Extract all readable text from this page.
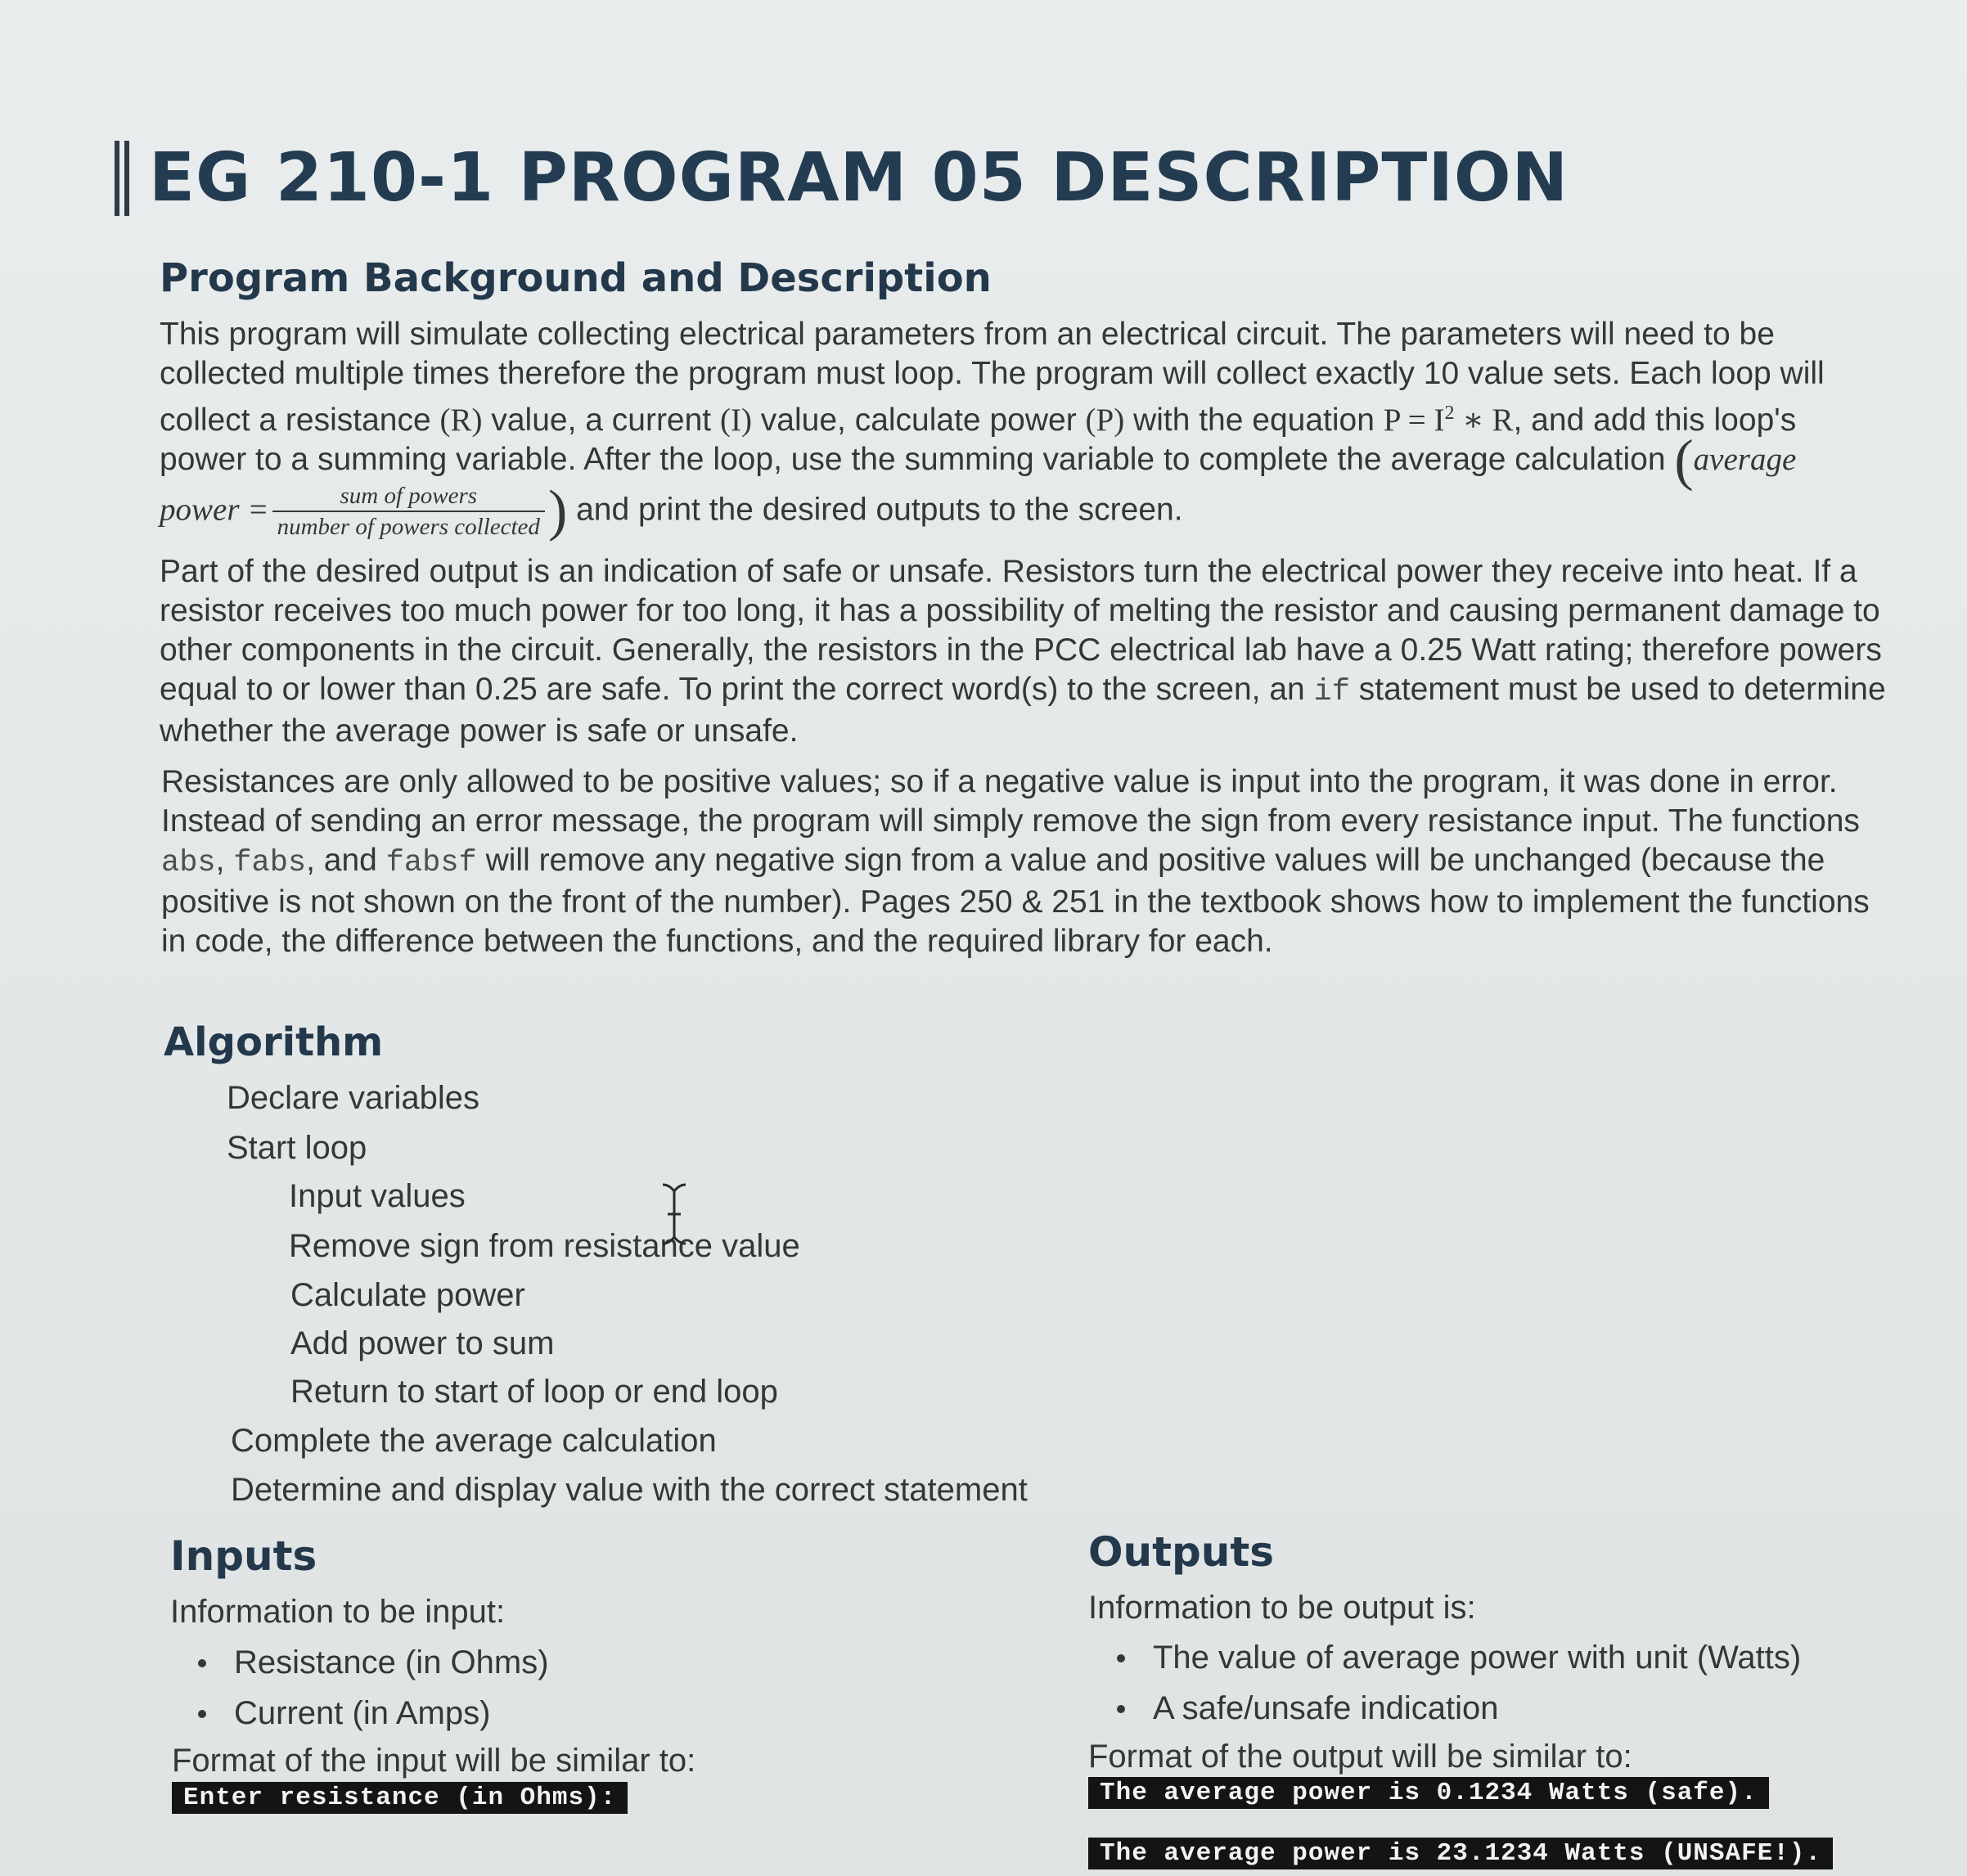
EG 210-1 PROGRAM 05 DESCRIPTION
Program Background and Description

This program will simulate collecting electrical parameters from an electrical circuit. The parameters will need to be collected multiple times therefore the program must loop. The program will collect exactly 10 value sets. Each loop will collect a resistance (R) value, a current (I) value, calculate power (P) with the equation $P = I^2$ ∗ R, and add this loop's power to a summing variable. After the loop, use the summing variable to complete the average calculation (average power = $\frac{\text{sum of powers}}{\text{number of powers collected}}$ ) and print the desired outputs to the screen.

Part of the desired output is an indication of safe or unsafe. Resistors turn the electrical power they receive into heat. If a resistor receives too much power for too long, it has a possibility of melting the resistor and causing permanent damage to other components in the circuit. Generally, the resistors in the PCC electrical lab have a 0.25 Watt rating; therefore powers equal to or lower than 0.25 are safe. To print the correct word(s) to the screen, an if statement must be used to determine whether the average power is safe or unsafe.

Resistances are only allowed to be positive values; so if a negative value is input into the program, it was done in error. Instead of sending an error message, the program will simply remove the sign from every resistance input. The functions abs, fabs, and fabsf will remove any negative sign from a value and positive values will be unchanged (because the positive is not shown on the front of the number). Pages 250 & 251 in the textbook shows how to implement the functions in code, the difference between the functions, and the required library for each.

Algorithm
Declare variables
Start loop
Input values
Remove sign from resistance value
Calculate power
Add power to sum
Return to start of loop or end loop
Complete the average calculation
Determine and display value with the correct statement
Inputs
Information to be input:
Resistance (in Ohms)
Current (in Amps)
Format of the input will be similar to:
Enter resistance (in Ohms):
Outputs
Information to be output is:
The value of average power with unit (Watts)
A safe/unsafe indication
Format of the output will be similar to:
The average power is 0.1234 Watts (safe).
The average power is 23.1234 Watts (UNSAFE!).
